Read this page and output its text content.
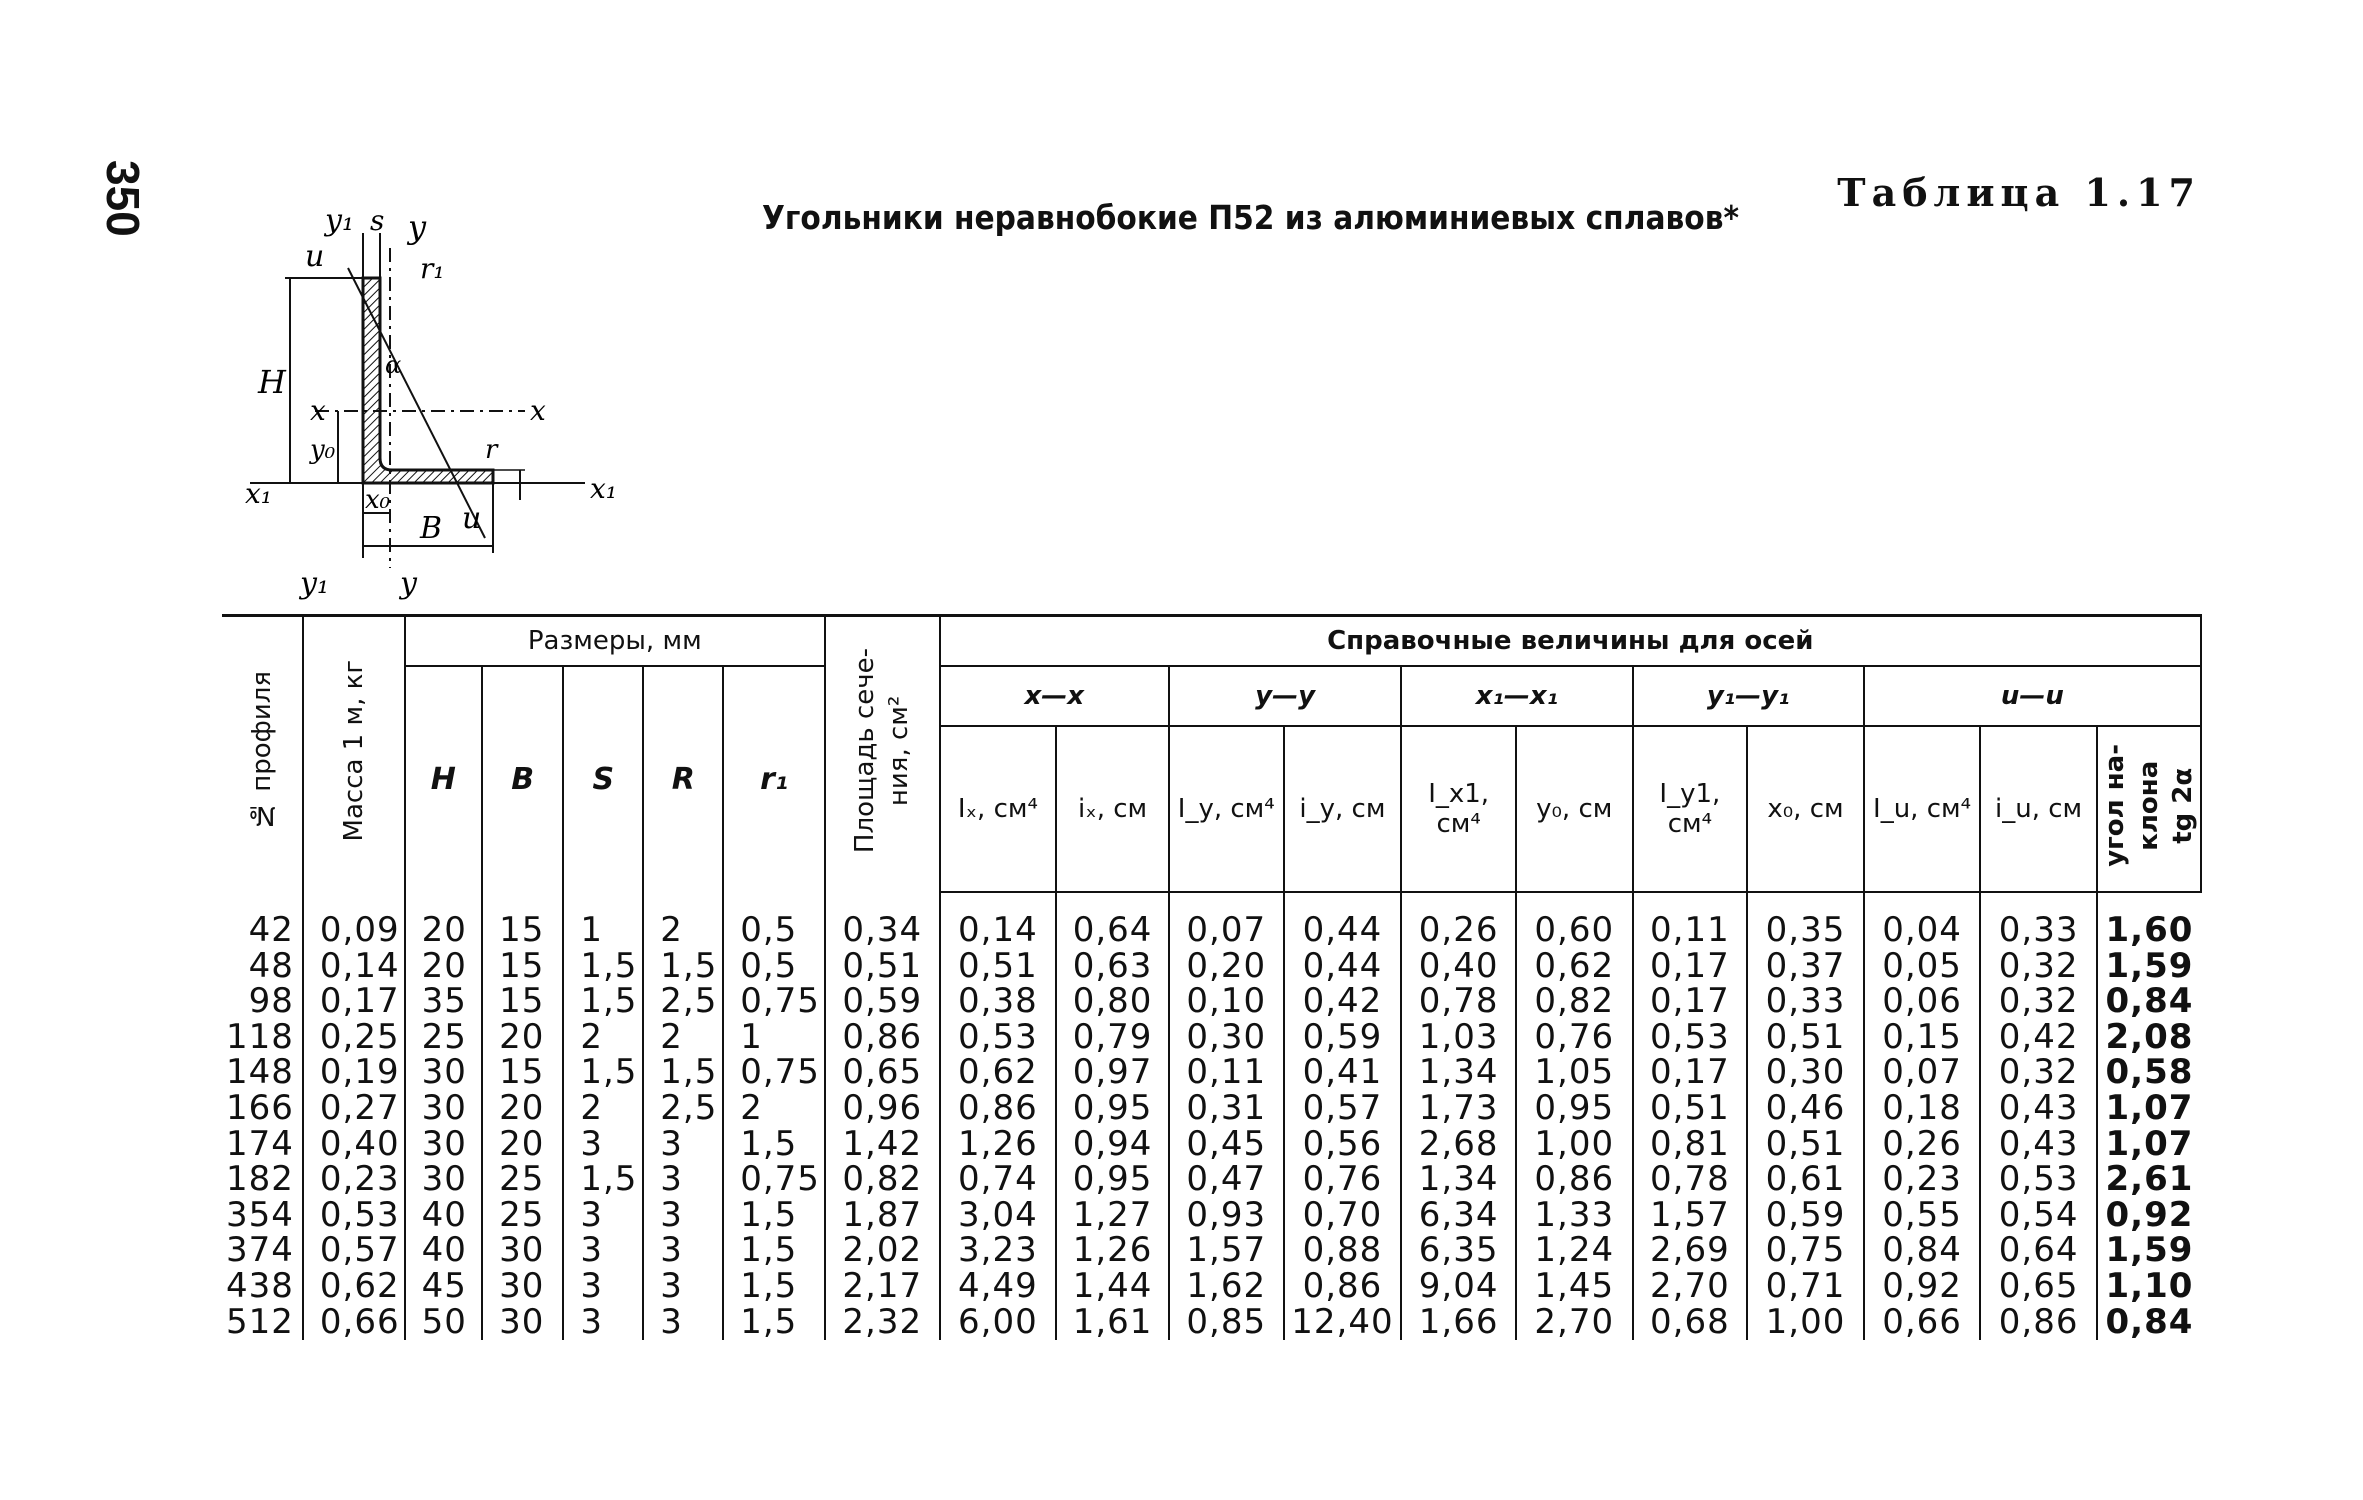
350	Таблица 1.17
Угольники неравнобокие П52 из алюминиевых сплавов*
y₁ s y
u	r₁
α
H
x	x
y₀
x₁	x₁
r
x₀
B u
y₁ y
№ профиля	Масса 1 м, кг	Размеры, мм					Площадь сече-
ния, см²	Справочные величины для осей										
		H	B	S	R	r₁		x—x		y—y		x₁—x₁		y₁—y₁		u—u		
								Iₓ, см⁴	iₓ, см	I_y, см⁴	i_y, см	I_x1, см⁴	y₀, см	I_y1, см⁴	x₀, см	I_u, см⁴	i_u, см	угол на-
клона
tg 2α
42	0,09	20	15	1	2	0,5	0,34	0,14	0,64	0,07	0,44	0,26	0,60	0,11	0,35	0,04	0,33	1,60
48	0,14	20	15	1,5	1,5	0,5	0,51	0,51	0,63	0,20	0,44	0,40	0,62	0,17	0,37	0,05	0,32	1,59
98	0,17	35	15	1,5	2,5	0,75	0,59	0,38	0,80	0,10	0,42	0,78	0,82	0,17	0,33	0,06	0,32	0,84
118	0,25	25	20	2	2	1	0,86	0,53	0,79	0,30	0,59	1,03	0,76	0,53	0,51	0,15	0,42	2,08
148	0,19	30	15	1,5	1,5	0,75	0,65	0,62	0,97	0,11	0,41	1,34	1,05	0,17	0,30	0,07	0,32	0,58
166	0,27	30	20	2	2,5	2	0,96	0,86	0,95	0,31	0,57	1,73	0,95	0,51	0,46	0,18	0,43	1,07
174	0,40	30	20	3	3	1,5	1,42	1,26	0,94	0,45	0,56	2,68	1,00	0,81	0,51	0,26	0,43	1,07
182	0,23	30	25	1,5	3	0,75	0,82	0,74	0,95	0,47	0,76	1,34	0,86	0,78	0,61	0,23	0,53	2,61
354	0,53	40	25	3	3	1,5	1,87	3,04	1,27	0,93	0,70	6,34	1,33	1,57	0,59	0,55	0,54	0,92
374	0,57	40	30	3	3	1,5	2,02	3,23	1,26	1,57	0,88	6,35	1,24	2,69	0,75	0,84	0,64	1,59
438	0,62	45	30	3	3	1,5	2,17	4,49	1,44	1,62	0,86	9,04	1,45	2,70	0,71	0,92	0,65	1,10
512	0,66	50	30	3	3	1,5	2,32	6,00	1,61	0,85	12,40	1,66	2,70	0,68	1,00	0,66	0,86	0,84
